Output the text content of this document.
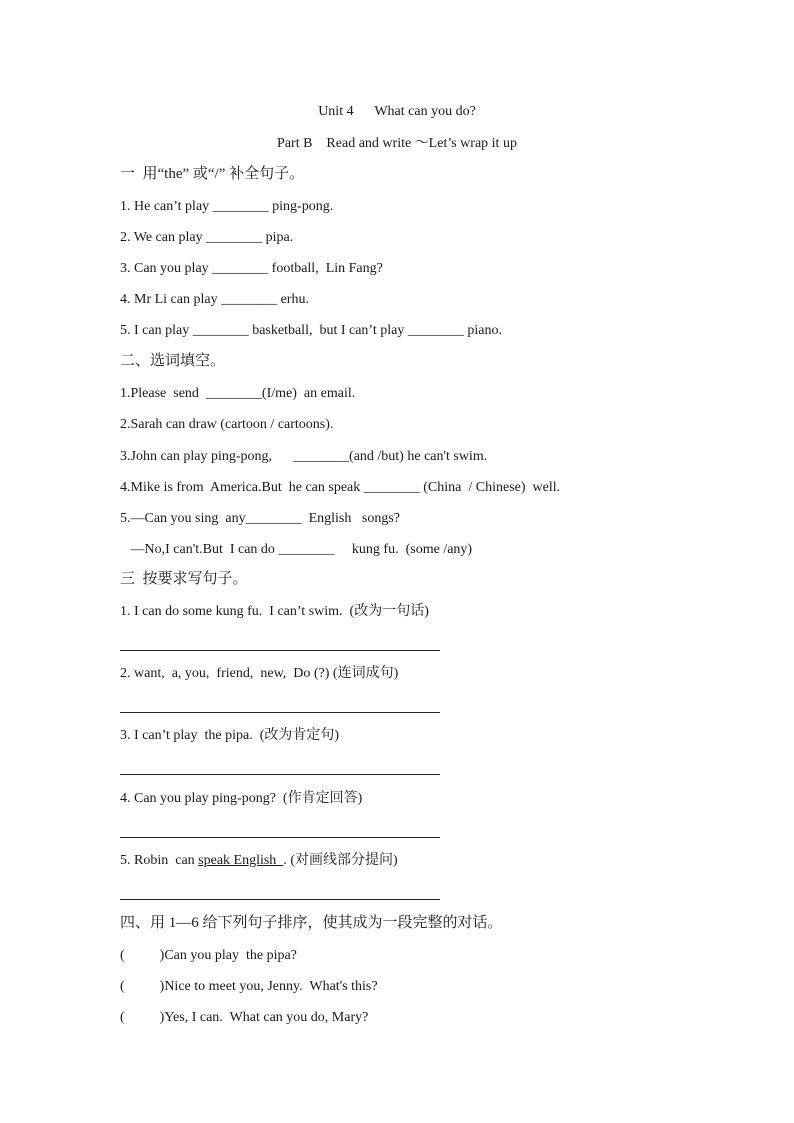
Unit 4      What can you do?
Part B    Read and write ～Let’s wrap it up
一  用“the” 或“/” 补全句子。
1. He can’t play ________ ping-pong.
2. We can play ________ pipa.
3. Can you play ________ football,  Lin Fang?
4. Mr Li can play ________ erhu.
5. I can play ________ basketball,  but I can’t play ________ piano.
二、选词填空。
1.Please  send  ________(I/me)  an email.
2.Sarah can draw (cartoon / cartoons).
3.John can play ping-pong,      ________(and /but) he can't swim.
4.Mike is from  America.But  he can speak ________ (China  / Chinese)  well.
5.—Can you sing  any________  English   songs?
—No,I can't.But  I can do ________     kung fu.  (some /any)
三  按要求写句子。
1. I can do some kung fu.  I can’t swim.  (改为一句话)
2. want,  a, you,  friend,  new,  Do (?) (连词成句)
3. I can’t play  the pipa.  (改为肯定句)
4. Can you play ping-pong?  (作肯定回答)
5. Robin  can speak English  . (对画线部分提问)
四、用 1—6 给下列句子排序，使其成为一段完整的对话。
(          )Can you play  the pipa?
(          )Nice to meet you, Jenny.  What's this?
(          )Yes, I can.  What can you do, Mary?
